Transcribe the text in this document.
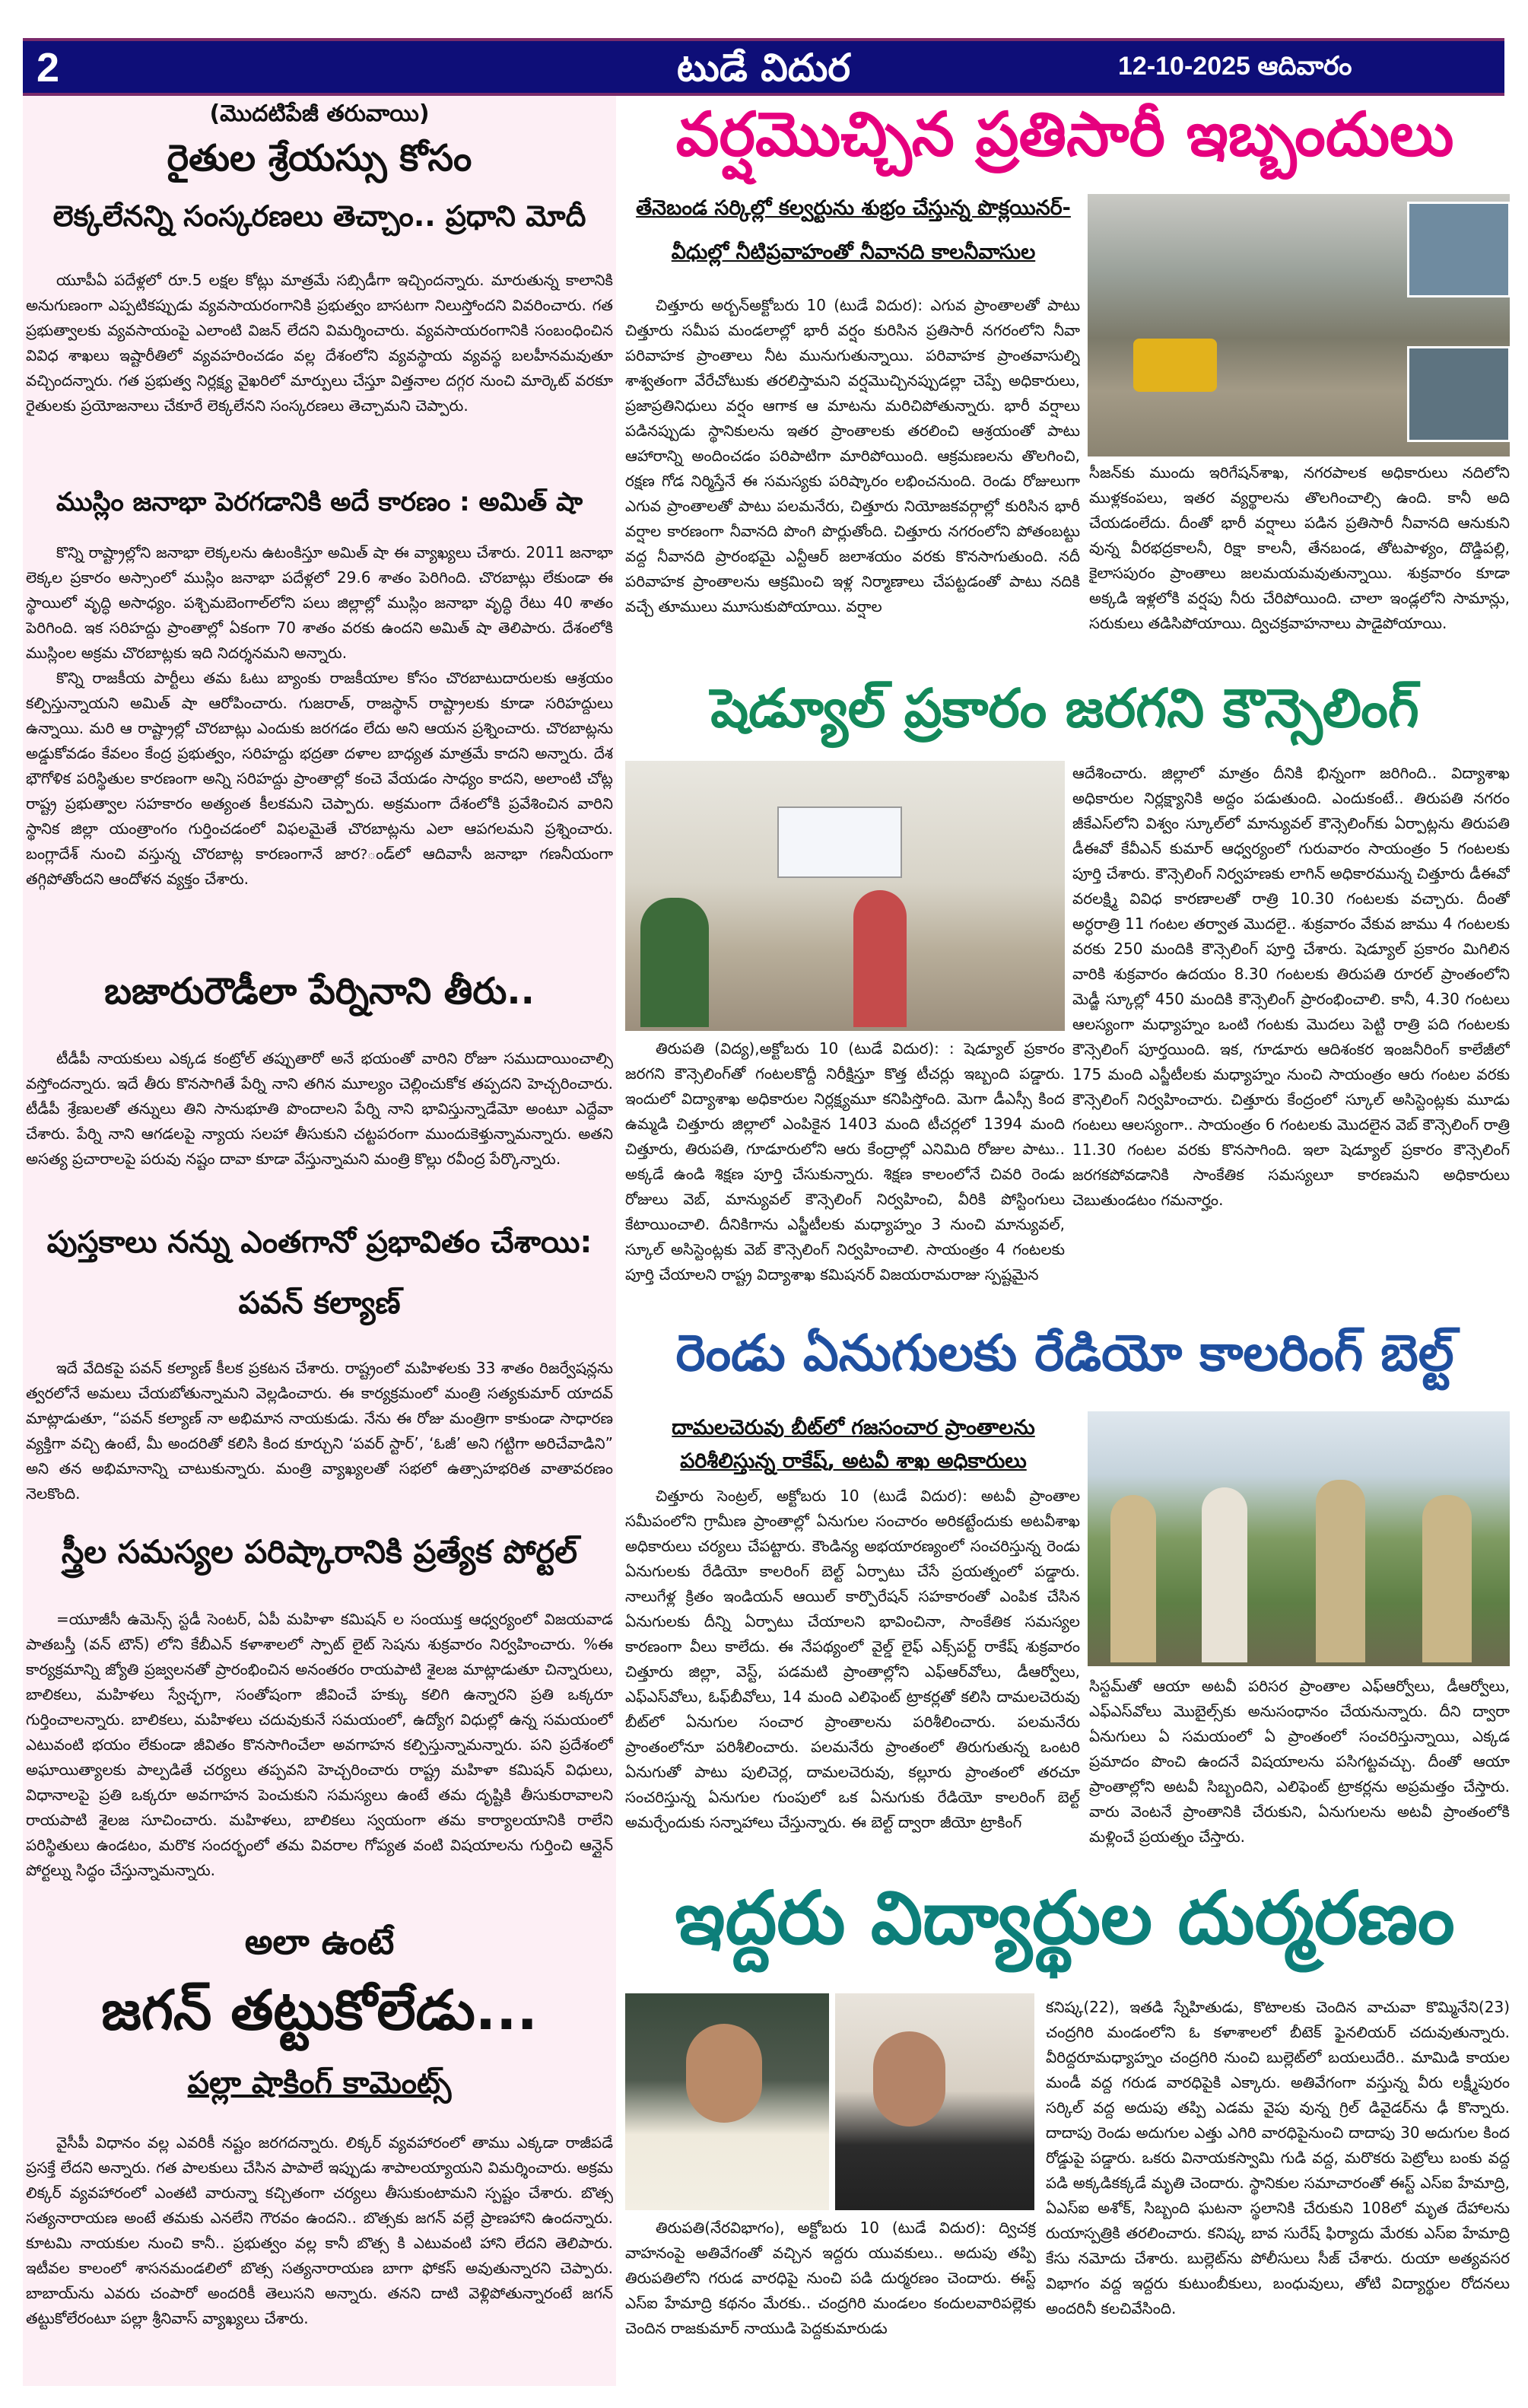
2	టుడే విదుర	12-10-2025 ఆదివారం
(మొదటిపేజీ తరువాయి)
రైతుల శ్రేయస్సు కోసం
లెక్కలేనన్ని సంస్కరణలు తెచ్చాం.. ప్రధాని మోదీ
యూపీఏ పదేళ్లలో రూ.5 లక్షల కోట్లు మాత్రమే సబ్సిడీగా ఇచ్చిందన్నారు. మారుతున్న కాలానికి అనుగుణంగా ఎప్పటికప్పుడు వ్యవసాయరంగానికి ప్రభుత్వం బాసటగా నిలుస్తోందని వివరించారు. గత ప్రభుత్వాలకు వ్యవసాయంపై ఎలాంటి విజన్ లేదని విమర్శించారు. వ్యవసాయరంగానికి సంబంధించిన వివిధ శాఖలు ఇష్టారీతిలో వ్యవహరించడం వల్ల దేశంలోని వ్యవస్థాయ వ్యవస్థ బలహీనమవుతూ వచ్చిందన్నారు. గత ప్రభుత్వ నిర్లక్ష్య వైఖరిలో మార్పులు చేస్తూ విత్తనాల దగ్గర నుంచి మార్కెట్ వరకూ రైతులకు ప్రయోజనాలు చేకూరే లెక్కలేనని సంస్కరణలు తెచ్చామని చెప్పారు.
ముస్లిం జనాభా పెరగడానికి అదే కారణం : అమిత్ షా

కొన్ని రాష్ట్రాల్లోని జనాభా లెక్కలను ఉటంకిస్తూ అమిత్ షా ఈ వ్యాఖ్యలు చేశారు. 2011 జనాభా లెక్కల ప్రకారం అస్సాంలో ముస్లిం జనాభా పదేళ్లలో 29.6 శాతం పెరిగింది. చొరబాట్లు లేకుండా ఈ స్థాయిలో వృద్ధి అసాధ్యం. పశ్చిమబెంగాల్‌లోని పలు జిల్లాల్లో ముస్లిం జనాభా వృద్ధి రేటు 40 శాతం పెరిగింది. ఇక సరిహద్దు ప్రాంతాల్లో ఏకంగా 70 శాతం వరకు ఉందని అమిత్ షా తెలిపారు. దేశంలోకి ముస్లింల అక్రమ చొరబాట్లకు ఇది నిదర్శనమని అన్నారు.

కొన్ని రాజకీయ పార్టీలు తమ ఓటు బ్యాంకు రాజకీయాల కోసం చొరబాటుదారులకు ఆశ్రయం కల్పిస్తున్నాయని అమిత్ షా ఆరోపించారు. గుజరాత్, రాజస్థాన్ రాష్ట్రాలకు కూడా సరిహద్దులు ఉన్నాయి. మరి ఆ రాష్ట్రాల్లో చొరబాట్లు ఎందుకు జరగడం లేదు అని ఆయన ప్రశ్నించారు. చొరబాట్లను అడ్డుకోవడం కేవలం కేంద్ర ప్రభుత్వం, సరిహద్దు భద్రతా దళాల బాధ్యత మాత్రమే కాదని అన్నారు. దేశ భౌగోళిక పరిస్థితుల కారణంగా అన్ని సరిహద్దు ప్రాంతాల్లో కంచె వేయడం సాధ్యం కాదని, అలాంటి చోట్ల రాష్ట్ర ప్రభుత్వాల సహకారం అత్యంత కీలకమని చెప్పారు. అక్రమంగా దేశంలోకి ప్రవేశించిన వారిని స్థానిక జిల్లా యంత్రాంగం గుర్తించడంలో విఫలమైతే చొరబాట్లను ఎలా ఆపగలమని ప్రశ్నించారు. బంగ్లాదేశ్ నుంచి వస్తున్న చొరబాట్ల కారణంగానే జార?ండ్‌లో ఆదివాసీ జనాభా గణనీయంగా తగ్గిపోతోందని ఆందోళన వ్యక్తం చేశారు.

బజారురౌడీలా పేర్నినాని తీరు..
టీడీపీ నాయకులు ఎక్కడ కంట్రోల్ తప్పుతారో అనే భయంతో వారిని రోజూ సముదాయించాల్సి వస్తోందన్నారు. ఇదే తీరు కొనసాగితే పేర్ని నాని తగిన మూల్యం చెల్లించుకోక తప్పదని హెచ్చరించారు. టీడీపీ శ్రేణులతో తన్నులు తిని సానుభూతి పొందాలని పేర్ని నాని భావిస్తున్నాడేమో అంటూ ఎద్దేవా చేశారు. పేర్ని నాని ఆగడలపై న్యాయ సలహా తీసుకుని చట్టపరంగా ముందుకెళ్తున్నామన్నారు. అతని అసత్య ప్రచారాలపై పరువు నష్టం దావా కూడా వేస్తున్నామని మంత్రి కొల్లు రవీంద్ర పేర్కొన్నారు.
పుస్తకాలు నన్ను ఎంతగానో ప్రభావితం చేశాయి:
పవన్ కల్యాణ్
ఇదే వేదికపై పవన్ కల్యాణ్ కీలక ప్రకటన చేశారు. రాష్ట్రంలో మహిళలకు 33 శాతం రిజర్వేషన్లను త్వరలోనే అమలు చేయబోతున్నామని వెల్లడించారు. ఈ కార్యక్రమంలో మంత్రి సత్యకుమార్ యాదవ్ మాట్లాడుతూ, “పవన్ కల్యాణ్ నా అభిమాన నాయకుడు. నేను ఈ రోజు మంత్రిగా కాకుండా సాధారణ వ్యక్తిగా వచ్చి ఉంటే, మీ అందరితో కలిసి కింద కూర్చుని ‘పవర్ స్టార్’, ‘ఓజీ’ అని గట్టిగా అరిచేవాడిని” అని తన అభిమానాన్ని చాటుకున్నారు. మంత్రి వ్యాఖ్యలతో సభలో ఉత్సాహభరిత వాతావరణం నెలకొంది.
స్త్రీల సమస్యల పరిష్కారానికి ప్రత్యేక పోర్టల్
=యూజీసీ ఉమెన్స్ స్టడీ సెంటర్, ఏపీ మహిళా కమిషన్ ల సంయుక్త ఆధ్వర్యంలో విజయవాడ పాతబస్తీ (వన్ టౌన్) లోని కేబీఎన్ కళాశాలలో స్పాట్ లైట్ సెషను శుక్రవారం నిర్వహించారు. %ఈ కార్యక్రమాన్ని జ్యోతి ప్రజ్వలనతో ప్రారంభించిన అనంతరం రాయపాటి శైలజ మాట్లాడుతూ చిన్నారులు, బాలికలు, మహిళలు స్వేచ్ఛగా, సంతోషంగా జీవించే హక్కు కలిగి ఉన్నారని ప్రతి ఒక్కరూ గుర్తించాలన్నారు. బాలికలు, మహిళలు చదువుకునే సమయంలో, ఉద్యోగ విధుల్లో ఉన్న సమయంలో ఎటువంటి భయం లేకుండా జీవితం కొనసాగించేలా అవగాహన కల్పిస్తున్నామన్నారు. పని ప్రదేశంలో అఘాయిత్యాలకు పాల్పడితే చర్యలు తప్పవని హెచ్చరించారు రాష్ట్ర మహిళా కమిషన్ విధులు, విధానాలపై ప్రతి ఒక్కరూ అవగాహన పెంచుకుని సమస్యలు ఉంటే తమ దృష్టికి తీసుకురావాలని రాయపాటి శైలజ సూచించారు. మహిళలు, బాలికలు స్వయంగా తమ కార్యాలయానికి రాలేని పరిస్థితులు ఉండటం, మరొక సందర్భంలో తమ వివరాల గోప్యత వంటి విషయాలను గుర్తించి ఆన్లైన్ పోర్టల్ను సిద్ధం చేస్తున్నామన్నారు.
అలా ఉంటే
జగన్ తట్టుకోలేడు...
పల్లా షాకింగ్ కామెంట్స్
వైసీపీ విధానం వల్ల ఎవరికీ నష్టం జరగదన్నారు. లిక్కర్ వ్యవహారంలో తాము ఎక్కడా రాజీపడే ప్రసక్తే లేదని అన్నారు. గత పాలకులు చేసిన పాపాలే ఇప్పుడు శాపాలయ్యాయని విమర్శించారు. అక్రమ లిక్కర్ వ్యవహారంలో ఎంతటి వారున్నా కచ్చితంగా చర్యలు తీసుకుంటామని స్పష్టం చేశారు. బొత్స సత్యనారాయణ అంటే తమకు ఎనలేని గౌరవం ఉందని.. బొత్సకు జగన్ వల్లే ప్రాణహాని ఉందన్నారు. కూటమి నాయకుల నుంచి కానీ.. ప్రభుత్వం వల్ల కానీ బొత్స కి ఎటువంటి హాని లేదని తెలిపారు. ఇటీవల కాలంలో శాసనమండలిలో బొత్స సత్యనారాయణ బాగా ఫోకస్ అవుతున్నారని చెప్పారు. బాబాయ్‌ను ఎవరు చంపారో అందరికీ తెలుసని అన్నారు. తనని దాటి వెళ్లిపోతున్నారంటే జగన్ తట్టుకోలేరంటూ పల్లా శ్రీనివాస్ వ్యాఖ్యలు చేశారు.
వర్షమొచ్చిన ప్రతిసారీ ఇబ్బందులు
తేనెబండ సర్కిల్లో కల్వర్టును శుభ్రం చేస్తున్న పొక్లయినర్- వీధుల్లో నీటిప్రవాహంతో నీవానది కాలనీవాసుల
చిత్తూరు అర్బన్‌అక్టోబరు 10 (టుడే విదుర): ఎగువ ప్రాంతాలతో పాటు చిత్తూరు సమీప మండలాల్లో భారీ వర్షం కురిసిన ప్రతిసారీ నగరంలోని నీవా పరివాహక ప్రాంతాలు నీట మునుగుతున్నాయి. పరివాహక ప్రాంతవాసుల్ని శాశ్వతంగా వేరేచోటుకు తరలిస్తామని వర్షమొచ్చినప్పుడల్లా చెప్పే అధికారులు, ప్రజాప్రతినిధులు వర్షం ఆగాక ఆ మాటను మరిచిపోతున్నారు. భారీ వర్షాలు పడినప్పుడు స్థానికులను ఇతర ప్రాంతాలకు తరలించి ఆశ్రయంతో పాటు ఆహారాన్ని అందించడం పరిపాటిగా మారిపోయింది. ఆక్రమణలను తొలగించి, రక్షణ గోడ నిర్మిస్తేనే ఈ సమస్యకు పరిష్కారం లభించనుంది. రెండు రోజులుగా ఎగువ ప్రాంతాలతో పాటు పలమనేరు, చిత్తూరు నియోజకవర్గాల్లో కురిసిన భారీ వర్షాల కారణంగా నీవానది పొంగి పొర్లుతోంది. చిత్తూరు నగరంలోని పోతంబట్టు వద్ద నీవానది ప్రారంభమై ఎన్టీఆర్ జలాశయం వరకు కొనసాగుతుంది. నదీ పరివాహక ప్రాంతాలను ఆక్రమించి ఇళ్ల నిర్మాణాలు చేపట్టడంతో పాటు నదికి వచ్చే తూములు మూసుకుపోయాయి. వర్షాల
సీజన్‌కు ముందు ఇరిగేషన్‌శాఖ, నగరపాలక అధికారులు నదిలోని ముళ్లకంపలు, ఇతర వ్యర్థాలను తొలగించాల్సి ఉంది. కానీ అది చేయడంలేదు. దీంతో భారీ వర్షాలు పడిన ప్రతిసారీ నీవానది ఆనుకుని వున్న వీరభద్రకాలనీ, రిక్షా కాలనీ, తేనబండ, తోటపాళ్యం, దొడ్డిపల్లి, కైలాసపురం ప్రాంతాలు జలమయమవుతున్నాయి. శుక్రవారం కూడా అక్కడి ఇళ్లలోకి వర్షపు నీరు చేరిపోయింది. చాలా ఇండ్లలోని సామాన్లు, సరుకులు తడిసిపోయాయి. ద్విచక్రవాహనాలు పాడైపోయాయి.
షెడ్యూల్ ప్రకారం జరగని కౌన్సెలింగ్
ఆదేశించారు. జిల్లాలో మాత్రం దీనికి భిన్నంగా జరిగింది.. విద్యాశాఖ అధికారుల నిర్లక్ష్యానికి అద్దం పడుతుంది. ఎందుకంటే.. తిరుపతి నగరం జీకేఎస్‌లోని విశ్వం స్కూల్‌లో మాన్యువల్ కౌన్సెలింగ్‌కు ఏర్పాట్లను తిరుపతి డీఈవో కేవీఎన్ కుమార్ ఆధ్వర్యంలో గురువారం సాయంత్రం 5 గంటలకు పూర్తి చేశారు. కౌన్సెలింగ్ నిర్వహణకు లాగిన్ అధికారమున్న చిత్తూరు డీఈవో వరలక్ష్మి వివిధ కారణాలతో రాత్రి 10.30 గంటలకు వచ్చారు. దీంతో అర్ధరాత్రి 11 గంటల తర్వాత మొదలై.. శుక్రవారం వేకువ జాము 4 గంటలకు వరకు 250 మందికి కౌన్సెలింగ్ పూర్తి చేశారు. షెడ్యూల్ ప్రకారం మిగిలిన వారికి శుక్రవారం ఉదయం 8.30 గంటలకు తిరుపతి రూరల్ ప్రాంతంలోని మెడ్జీ స్కూల్లో 450 మందికి కౌన్సెలింగ్ ప్రారంభించాలి. కానీ, 4.30 గంటలు ఆలస్యంగా మధ్యాహ్నం ఒంటి గంటకు మొదలు పెట్టి రాత్రి పది గంటలకు కౌన్సెలింగ్ పూర్తయింది. ఇక, గూడూరు ఆదిశంకర ఇంజనీరింగ్ కాలేజీలో 175 మంది ఎస్జీటీలకు మధ్యాహ్నం నుంచి సాయంత్రం ఆరు గంటల వరకు కౌన్సెలింగ్ నిర్వహించారు. చిత్తూరు కేంద్రంలో స్కూల్ అసిస్టెంట్లకు మూడు గంటలు ఆలస్యంగా.. సాయంత్రం 6 గంటలకు మొదలైన వెబ్ కౌన్సెలింగ్ రాత్రి 11.30 గంటల వరకు కొనసాగింది. ఇలా షెడ్యూల్ ప్రకారం కౌన్సెలింగ్ జరగకపోవడానికి సాంకేతిక సమస్యలూ కారణమని అధికారులు చెబుతుండటం గమనార్హం.
తిరుపతి (విద్య),అక్టోబరు 10 (టుడే విదుర): : షెడ్యూల్ ప్రకారం జరగని కౌన్సెలింగ్‌తో గంటలకొద్దీ నిరీక్షిస్తూ కొత్త టీచర్లు ఇబ్బంది పడ్డారు. ఇందులో విద్యాశాఖ అధికారుల నిర్లక్ష్యమూ కనిపిస్తోంది. మెగా డీఎస్సీ కింద ఉమ్మడి చిత్తూరు జిల్లాలో ఎంపికైన 1403 మంది టీచర్లలో 1394 మంది చిత్తూరు, తిరుపతి, గూడూరులోని ఆరు కేంద్రాల్లో ఎనిమిది రోజుల పాటు.. అక్కడే ఉండి శిక్షణ పూర్తి చేసుకున్నారు. శిక్షణ కాలంలోనే చివరి రెండు రోజులు వెబ్, మాన్యువల్ కౌన్సెలింగ్ నిర్వహించి, వీరికి పోస్టింగులు కేటాయించాలి. దీనికిగాను ఎస్జీటీలకు మధ్యాహ్నం 3 నుంచి మాన్యువల్, స్కూల్ అసిస్టెంట్లకు వెబ్ కౌన్సెలింగ్ నిర్వహించాలి. సాయంత్రం 4 గంటలకు పూర్తి చేయాలని రాష్ట్ర విద్యాశాఖ కమిషనర్ విజయరామరాజు స్పష్టమైన
రెండు ఏనుగులకు రేడియో కాలరింగ్ బెల్ట్
దామలచెరువు బీట్‌లో గజసంచార ప్రాంతాలను పరిశీలిస్తున్న రాకేష్, అటవీ శాఖ అధికారులు
చిత్తూరు సెంట్రల్, అక్టోబరు 10 (టుడే విదుర): అటవీ ప్రాంతాల సమీపంలోని గ్రామీణ ప్రాంతాల్లో ఏనుగుల సంచారం అరికట్టేందుకు అటవీశాఖ అధికారులు చర్యలు చేపట్టారు. కౌండిన్య అభయారణ్యంలో సంచరిస్తున్న రెండు ఏనుగులకు రేడియో కాలరింగ్ బెల్ట్ ఏర్పాటు చేసే ప్రయత్నంలో పడ్డారు. నాలుగేళ్ల క్రితం ఇండియన్ ఆయిల్ కార్పొరేషన్ సహకారంతో ఎంపిక చేసిన ఏనుగులకు దీన్ని ఏర్పాటు చేయాలని భావించినా, సాంకేతిక సమస్యల కారణంగా వీలు కాలేదు. ఈ నేపథ్యంలో వైల్డ్ లైఫ్ ఎక్స్‌పర్ట్ రాకేష్ శుక్రవారం చిత్తూరు జిల్లా, వెస్ట్, పడమటి ప్రాంతాల్లోని ఎఫ్‌ఆర్‌వోలు, డీఆర్వోలు, ఎఫ్‌ఎస్‌వోలు, ఓఫ్‌బీవోలు, 14 మంది ఎలిఫెంట్ ట్రాకర్లతో కలిసి దామలచెరువు బీట్‌లో ఏనుగుల సంచార ప్రాంతాలను పరిశీలించారు. పలమనేరు ప్రాంతంలోనూ పరిశీలించారు. పలమనేరు ప్రాంతంలో తిరుగుతున్న ఒంటరి ఏనుగుతో పాటు పులిచెర్ల, దామలచెరువు, కల్లూరు ప్రాంతంలో తరచూ సంచరిస్తున్న ఏనుగుల గుంపులో ఒక ఏనుగుకు రేడియో కాలరింగ్ బెల్ట్ అమర్చేందుకు సన్నాహాలు చేస్తున్నారు. ఈ బెల్ట్ ద్వారా జీయో ట్రాకింగ్
సిస్టమ్‌తో ఆయా అటవీ పరిసర ప్రాంతాల ఎఫ్‌ఆర్వోలు, డీఆర్వోలు, ఎఫ్‌ఎస్‌వోలు మొబైల్స్‌కు అనుసంధానం చేయనున్నారు. దీని ద్వారా ఏనుగులు ఏ సమయంలో ఏ ప్రాంతంలో సంచరిస్తున్నాయి, ఎక్కడ ప్రమాదం పొంచి ఉందనే విషయాలను పసిగట్టవచ్చు. దీంతో ఆయా ప్రాంతాల్లోని అటవీ సిబ్బందిని, ఎలిఫెంట్ ట్రాకర్లను అప్రమత్తం చేస్తారు. వారు వెంటనే ప్రాంతానికి చేరుకుని, ఏనుగులను అటవీ ప్రాంతంలోకి మళ్లించే ప్రయత్నం చేస్తారు.
ఇద్దరు విద్యార్థుల దుర్మరణం
కనిష్క(22), ఇతడి స్నేహితుడు, కొటాలకు చెందిన వాచువా కొమ్మినేని(23) చంద్రగిరి మండంలోని ఓ కళాశాలలో బీటెక్ ఫైనలియర్ చదువుతున్నారు. వీరిద్దరూమధ్యాహ్నం చంద్రగిరి నుంచి బుల్లెట్‌లో బయలుదేరి.. మామిడి కాయల మండీ వద్ద గరుడ వారధిపైకి ఎక్కారు. అతివేగంగా వస్తున్న వీరు లక్ష్మీపురం సర్కిల్ వద్ద అదుపు తప్పి ఎడమ వైపు వున్న గ్రిల్ డివైడర్‌ను ఢీ కొన్నారు. దాదాపు రెండు అదుగుల ఎత్తు ఎగిరి వారధిపైనుంచి దాదాపు 30 అదుగుల కింద రోడ్డుపై పడ్డారు. ఒకరు వినాయకస్వామి గుడి వద్ద, మరొకరు పెట్రోలు బంకు వద్ద పడి అక్కడికక్కడే మృతి చెందారు. స్థానికుల సమాచారంతో ఈస్ట్ ఎస్ఐ హేమాద్రి, ఏఎస్ఐ అశోక్, సిబ్బంది ఘటనా స్థలానికి చేరుకుని 108లో మృత దేహాలను రుయాస్పత్రికి తరలించారు. కనిష్క బావ సురేష్ ఫిర్యాదు మేరకు ఎస్ఐ హేమాద్రి కేసు నమోదు చేశారు. బుల్లెట్‌ను పోలీసులు సీజ్ చేశారు. రుయా అత్యవసర విభాగం వద్ద ఇద్దరు కుటుంబీకులు, బంధువులు, తోటి విద్యార్థుల రోదనలు అందరినీ కలచివేసింది.
తిరుపతి(నేరవిభాగం), అక్టోబరు 10 (టుడే విదుర): ద్విచక్ర వాహనంపై అతివేగంతో వచ్చిన ఇద్దరు యువకులు.. అదుపు తప్పి తిరుపతిలోని గరుడ వారధిపై నుంచి పడి దుర్మరణం చెందారు. ఈస్ట్ ఎస్ఐ హేమాద్రి కథనం మేరకు.. చంద్రగిరి మండలం కందులవారిపల్లెకు చెందిన రాజకుమార్ నాయుడి పెద్దకుమారుడు
